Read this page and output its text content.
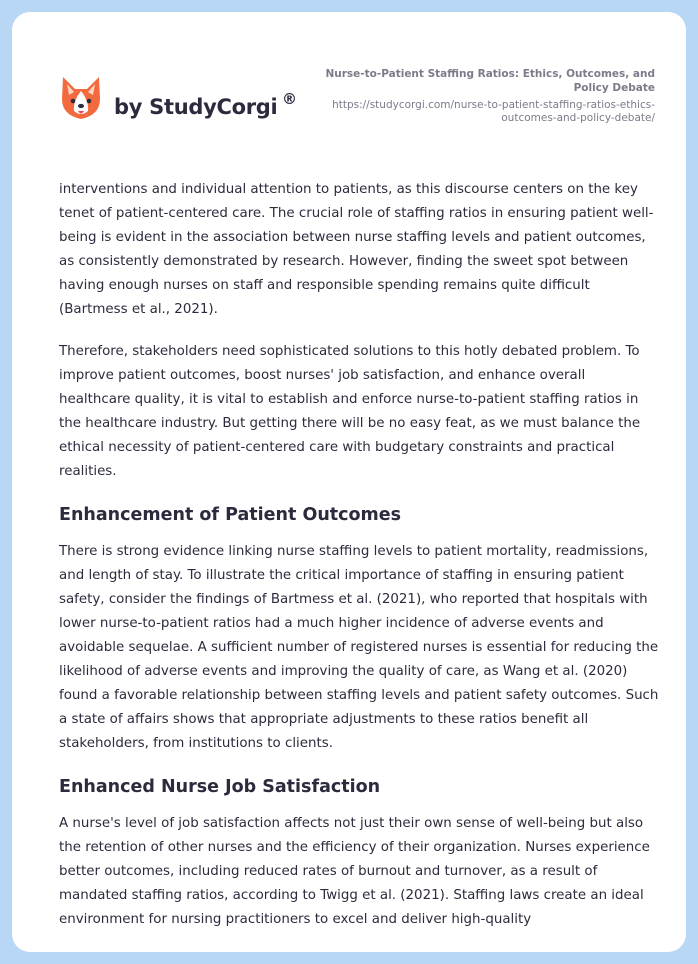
by StudyCorgi ®
Nurse-to-Patient Staffing Ratios: Ethics, Outcomes, and Policy Debate
https://studycorgi.com/nurse-to-patient-staffing-ratios-ethics-outcomes-and-policy-debate/

interventions and individual attention to patients, as this discourse centers on the key tenet of patient-centered care. The crucial role of staffing ratios in ensuring patient well-being is evident in the association between nurse staffing levels and patient outcomes, as consistently demonstrated by research. However, finding the sweet spot between having enough nurses on staff and responsible spending remains quite difficult (Bartmess et al., 2021).

Therefore, stakeholders need sophisticated solutions to this hotly debated problem. To improve patient outcomes, boost nurses' job satisfaction, and enhance overall healthcare quality, it is vital to establish and enforce nurse-to-patient staffing ratios in the healthcare industry. But getting there will be no easy feat, as we must balance the ethical necessity of patient-centered care with budgetary constraints and practical realities.

Enhancement of Patient Outcomes

There is strong evidence linking nurse staffing levels to patient mortality, readmissions, and length of stay. To illustrate the critical importance of staffing in ensuring patient safety, consider the findings of Bartmess et al. (2021), who reported that hospitals with lower nurse-to-patient ratios had a much higher incidence of adverse events and avoidable sequelae. A sufficient number of registered nurses is essential for reducing the likelihood of adverse events and improving the quality of care, as Wang et al. (2020) found a favorable relationship between staffing levels and patient safety outcomes. Such a state of affairs shows that appropriate adjustments to these ratios benefit all stakeholders, from institutions to clients.

Enhanced Nurse Job Satisfaction

A nurse's level of job satisfaction affects not just their own sense of well-being but also the retention of other nurses and the efficiency of their organization. Nurses experience better outcomes, including reduced rates of burnout and turnover, as a result of mandated staffing ratios, according to Twigg et al. (2021). Staffing laws create an ideal environment for nursing practitioners to excel and deliver high-quality
